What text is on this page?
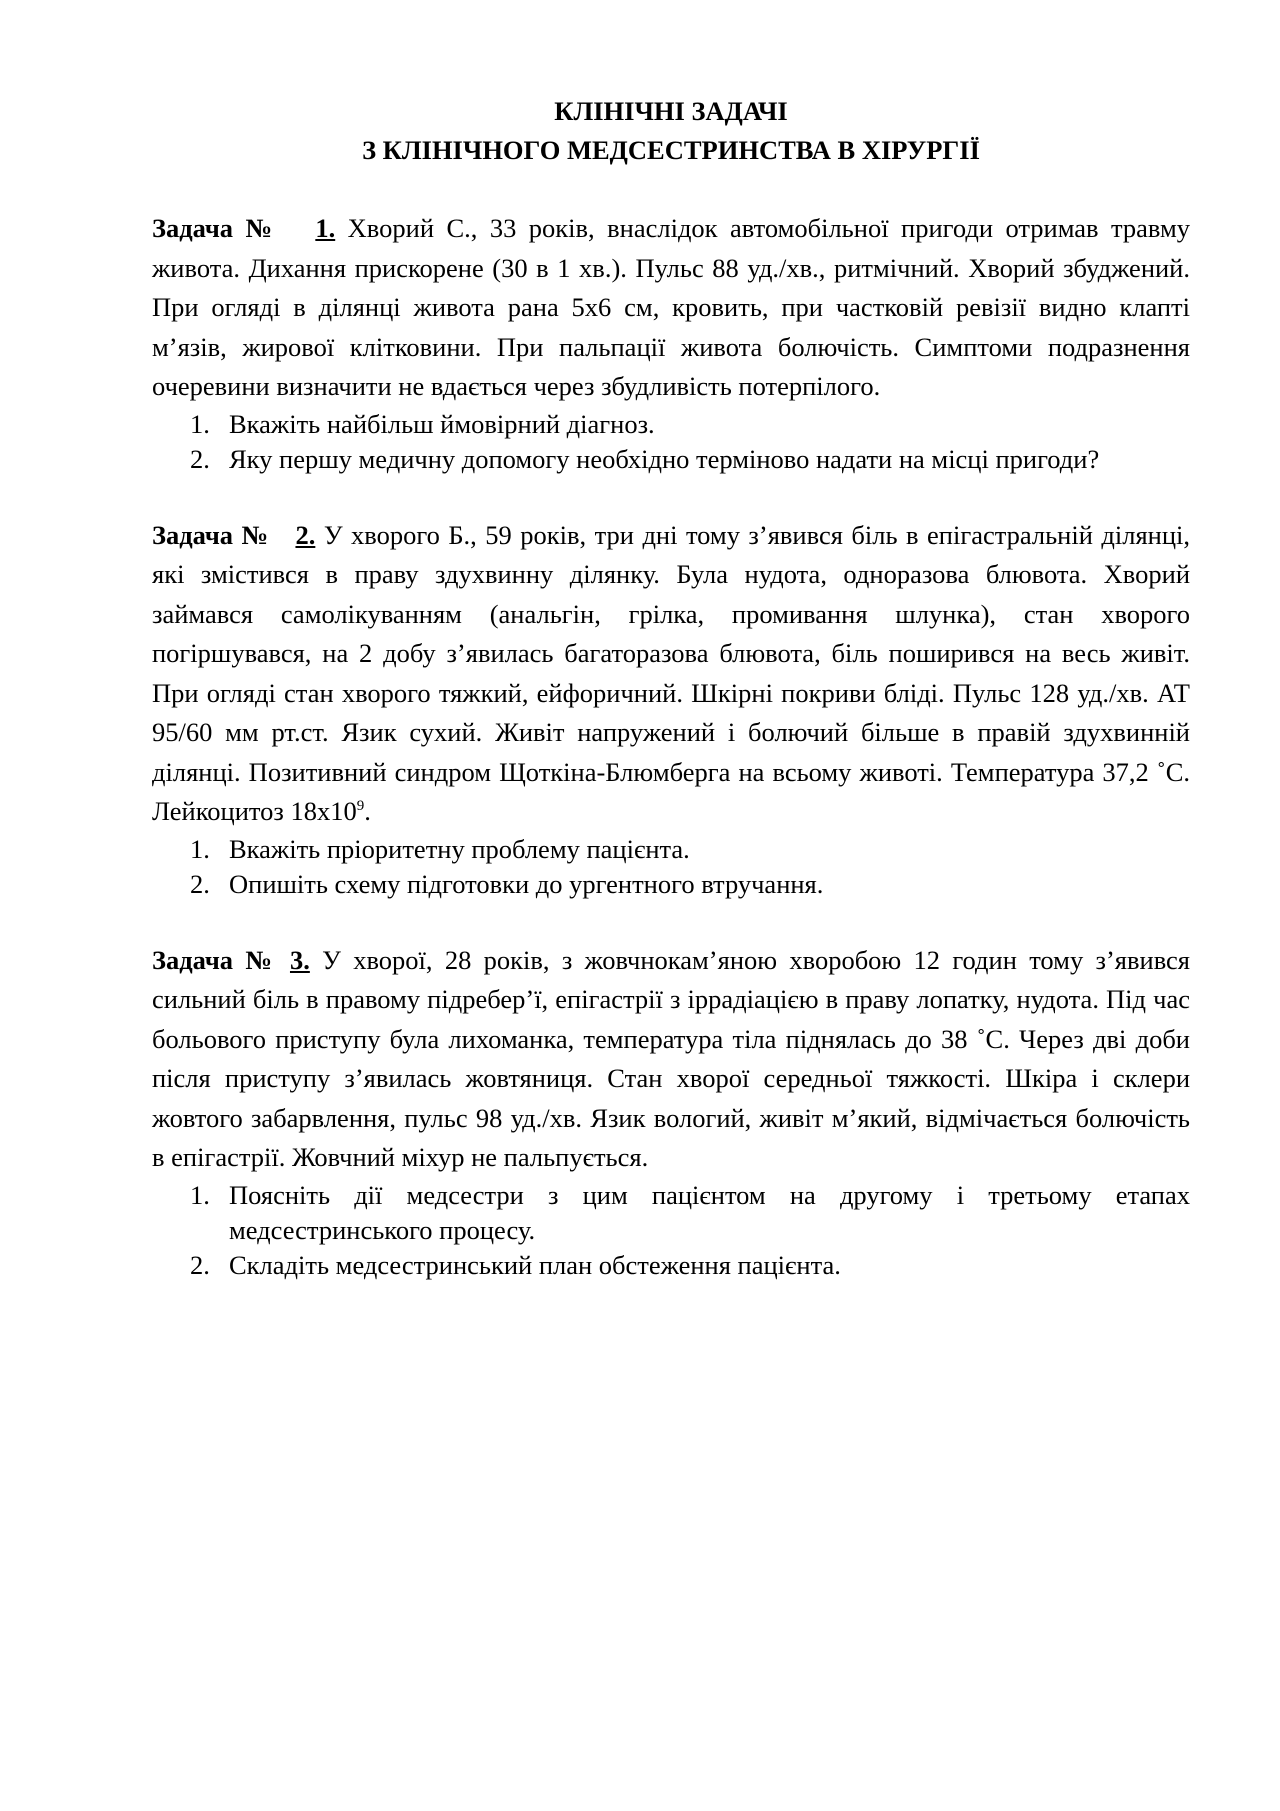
КЛІНІЧНІ ЗАДАЧІ
З КЛІНІЧНОГО МЕДСЕСТРИНСТВА В ХІРУРГІЇ

Задача № 1. Хворий С., 33 років, внаслідок автомобільної пригоди отримав травму живота. Дихання прискорене (30 в 1 хв.). Пульс 88 уд./хв., ритмічний. Хворий збуджений. При огляді в ділянці живота рана 5х6 см, кровить, при частковій ревізії видно клапті м’язів, жирової клітковини. При пальпації живота болючість. Симптоми подразнення очеревини визначити не вдається через збудливість потерпілого.

1. Вкажіть найбільш ймовірний діагноз.
2. Яку першу медичну допомогу необхідно терміново надати на місці пригоди?

Задача № 2. У хворого Б., 59 років, три дні тому з’явився біль в епігастральній ділянці, які змістився в праву здухвинну ділянку. Була нудота, одноразова блювота. Хворий займався самолікуванням (анальгін, грілка, промивання шлунка), стан хворого погіршувався, на 2 добу з’явилась багаторазова блювота, біль поширився на весь живіт. При огляді стан хворого тяжкий, ейфоричний. Шкірні покриви бліді. Пульс 128 уд./хв. АТ 95/60 мм рт.ст. Язик сухий. Живіт напружений і болючий більше в правій здухвинній ділянці. Позитивний синдром Щоткіна-Блюмберга на всьому животі. Температура 37,2 ˚С. Лейкоцитоз $18х10^9$.

1. Вкажіть пріоритетну проблему пацієнта.
2. Опишіть схему підготовки до ургентного втручання.

Задача № 3. У хворої, 28 років, з жовчнокам’яною хворобою 12 годин тому з’явився сильний біль в правому підребер’ї, епігастрії з іррадіацією в праву лопатку, нудота. Під час больового приступу була лихоманка, температура тіла піднялась до 38 ˚С. Через дві доби після приступу з’явилась жовтяниця. Стан хворої середньої тяжкості. Шкіра і склери жовтого забарвлення, пульс 98 уд./хв. Язик вологий, живіт м’який, відмічається болючість в епігастрії. Жовчний міхур не пальпується.

1. Поясніть дії медсестри з цим пацієнтом на другому і третьому етапах медсестринського процесу.
2. Складіть медсестринський план обстеження пацієнта.
